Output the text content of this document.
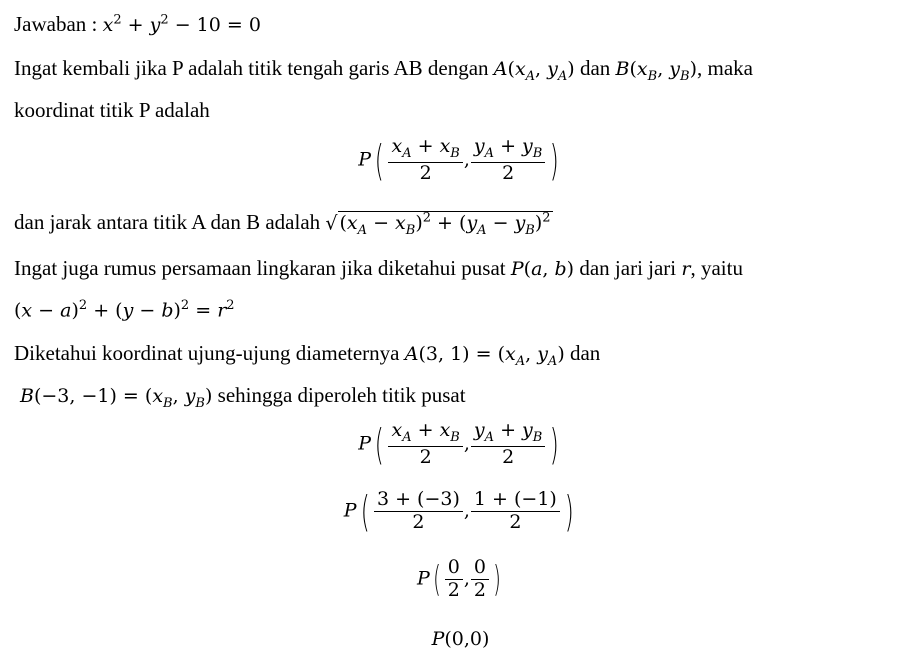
Jawaban : $x^2 + y^2 - 10 = 0$
Ingat kembali jika P adalah titik tengah garis AB dengan $A(x_A$, $y_A$) dan $B(x_B$, $y_B$), maka
koordinat titik P adalah
$P( \frac{x_A + x_B}{2}$ , $\frac{y_A + y_B}{2}$ )
dan jarak antara titik A dan B adalah √ $(x_A - x_B)^2 + (y_A - y_B)^2$
Ingat juga rumus persamaan lingkaran jika diketahui pusat P(a, b) dan jari jari r, yaitu
$(x - a)^2 + (y - b)^2 = r^2$
Diketahui koordinat ujung-ujung diameternya A(3, $1) = (x_A$, $y_A$) dan
B(−3, $-1) = (x_B$, $y_B$) sehingga diperoleh titik pusat
$P( \frac{x_A + x_B}{2}$ , $\frac{y_A + y_B}{2}$ )
$P( \frac{3 + (-3)}{2}$ , $\frac{1 + (-1)}{2}$ )
$P( \frac{0}{2}$ , $\frac{0}{2}$ )
P(0,0)
